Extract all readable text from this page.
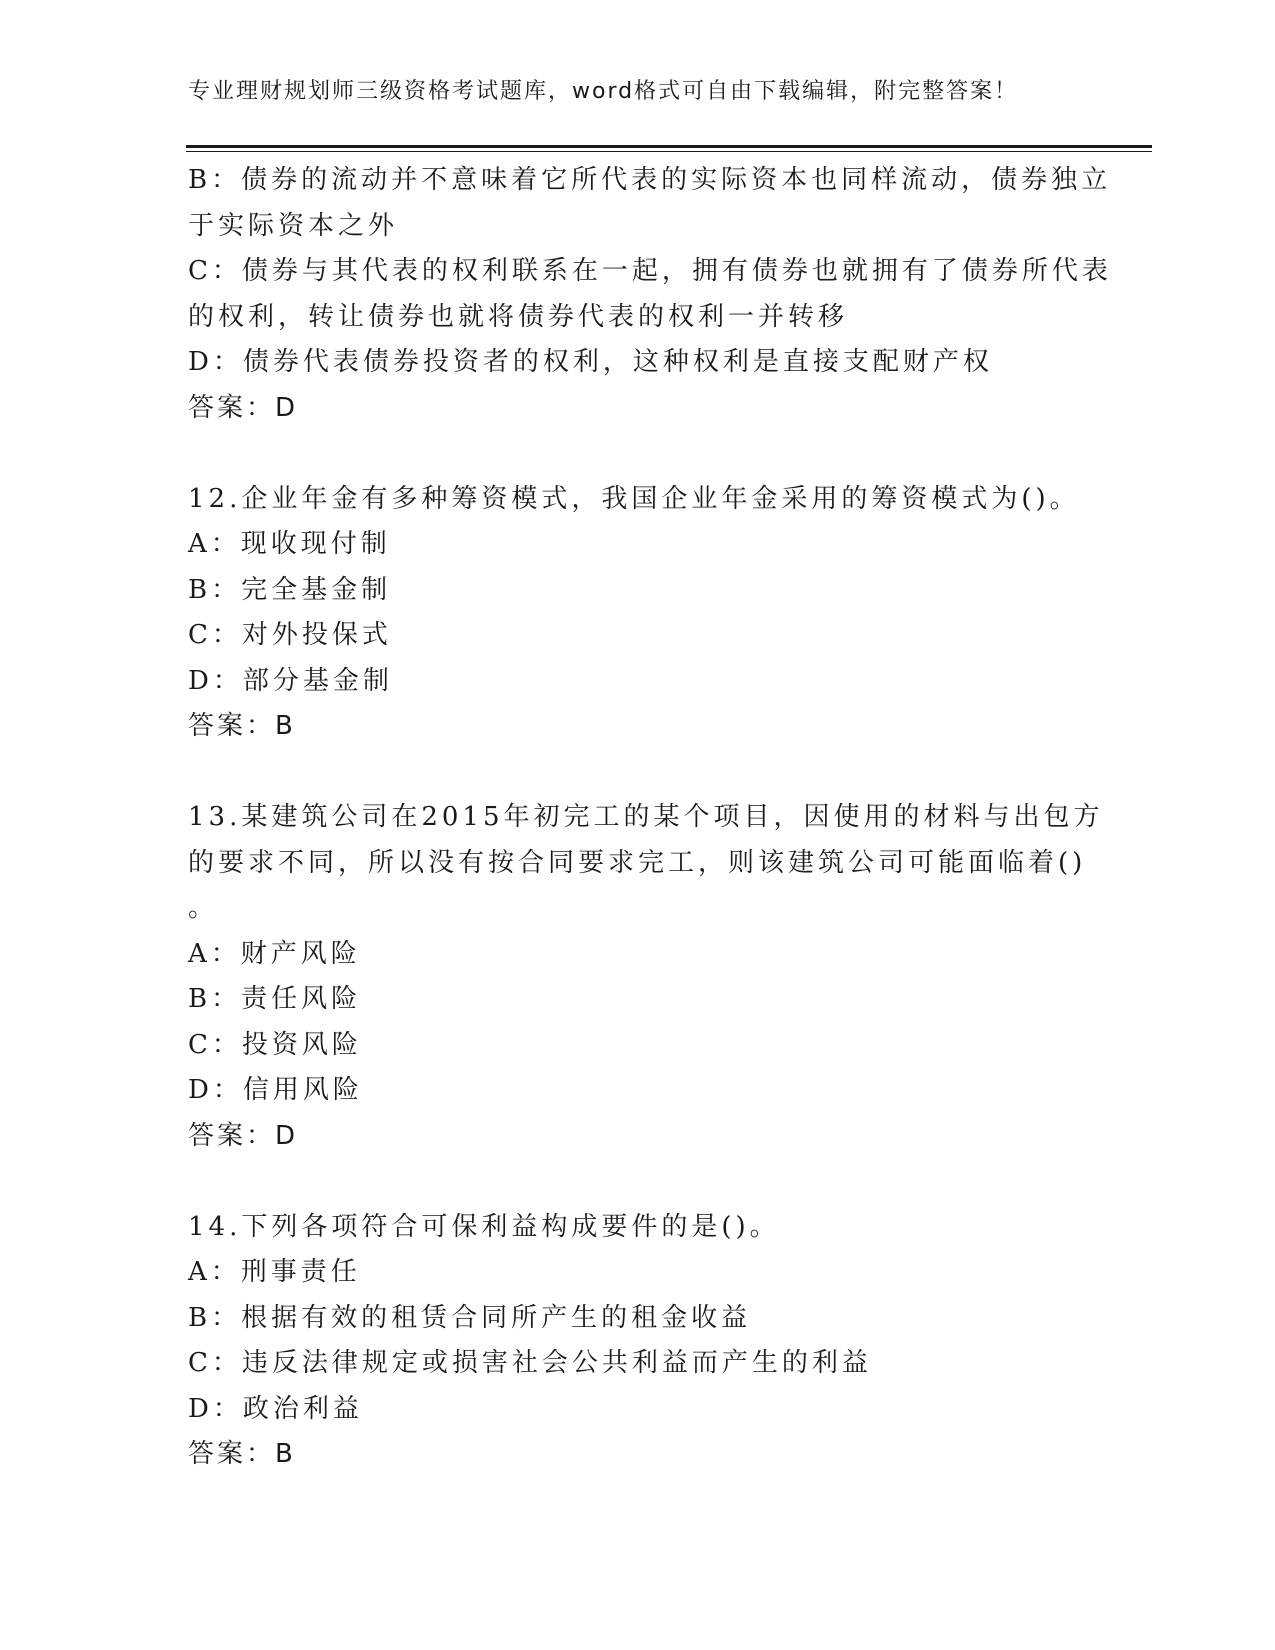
专业理财规划师三级资格考试题库，word格式可自由下载编辑，附完整答案！
B：债券的流动并不意味着它所代表的实际资本也同样流动，债券独立
于实际资本之外
C：债券与其代表的权利联系在一起，拥有债券也就拥有了债券所代表
的权利，转让债券也就将债券代表的权利一并转移
D：债券代表债券投资者的权利，这种权利是直接支配财产权
答案：D
12.企业年金有多种筹资模式，我国企业年金采用的筹资模式为()。
A：现收现付制
B：完全基金制
C：对外投保式
D：部分基金制
答案：B
13.某建筑公司在2015年初完工的某个项目，因使用的材料与出包方
的要求不同，所以没有按合同要求完工，则该建筑公司可能面临着()
。
A：财产风险
B：责任风险
C：投资风险
D：信用风险
答案：D
14.下列各项符合可保利益构成要件的是()。
A：刑事责任
B：根据有效的租赁合同所产生的租金收益
C：违反法律规定或损害社会公共利益而产生的利益
D：政治利益
答案：B
